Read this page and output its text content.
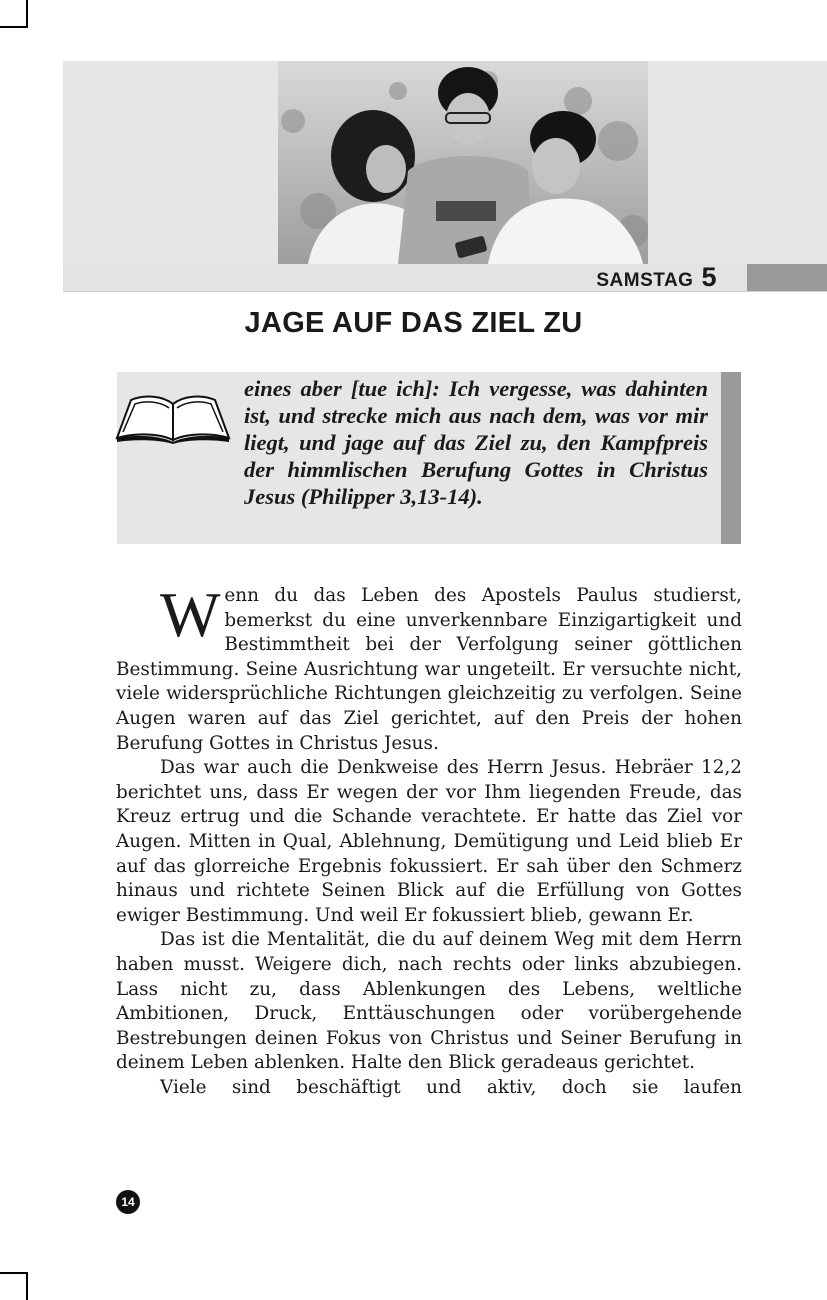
SAMSTAG 5
JAGE AUF DAS ZIEL ZU
eines aber [tue ich]: Ich vergesse, was dahinten ist, und strecke mich aus nach dem, was vor mir liegt, und jage auf das Ziel zu, den Kampfpreis der himmlischen Berufung Gottes in Christus Jesus (Philipper 3,13-14).

Wenn du das Leben des Apostels Paulus studierst, bemerkst du eine unverkennbare Einzigartigkeit und Bestimmtheit bei der Verfolgung seiner göttlichen Bestimmung. Seine Ausrichtung war ungeteilt. Er versuchte nicht, viele widersprüchliche Richtungen gleichzeitig zu verfolgen. Seine Augen waren auf das Ziel gerichtet, auf den Preis der hohen Berufung Gottes in Christus Jesus.

Das war auch die Denkweise des Herrn Jesus. Hebräer 12,2 berichtet uns, dass Er wegen der vor Ihm liegenden Freude, das Kreuz ertrug und die Schande verachtete. Er hatte das Ziel vor Augen. Mitten in Qual, Ablehnung, Demütigung und Leid blieb Er auf das glorreiche Ergebnis fokussiert. Er sah über den Schmerz hinaus und richtete Seinen Blick auf die Erfüllung von Gottes ewiger Bestimmung. Und weil Er fokussiert blieb, gewann Er.

Das ist die Mentalität, die du auf deinem Weg mit dem Herrn haben musst. Weigere dich, nach rechts oder links abzubiegen. Lass nicht zu, dass Ablenkungen des Lebens, weltliche Ambitionen, Druck, Enttäuschungen oder vorübergehende Bestrebungen deinen Fokus von Christus und Seiner Berufung in deinem Leben ablenken. Halte den Blick geradeaus gerichtet.

Viele sind beschäftigt und aktiv, doch sie laufen

14
